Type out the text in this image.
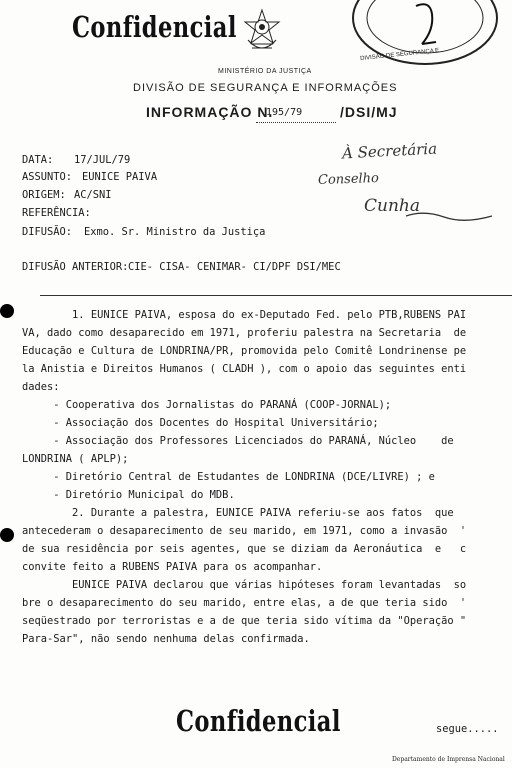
Confidencial
DIVISÃO DE SEGURANÇA E
MINISTÉRIO DA JUSTIÇA
DIVISÃO DE SEGURANÇA E INFORMAÇÕES
INFORMAÇÃO N.
195/79	/DSI/MJ
DATA: 17/JUL/79
ASSUNTO: EUNICE PAIVA
ORIGEM: AC/SNI
REFERÊNCIA:
DIFUSÃO: Exmo. Sr. Ministro da Justiça
DIFUSÃO ANTERIOR: CIE- CISA- CENIMAR- CI/DPF DSI/MEC
À Secretária
Conselho
Cunha
1. EUNICE PAIVA, esposa do ex-Deputado Fed. pelo PTB,RUBENS PAI
VA, dado como desaparecido em 1971, proferiu palestra na Secretaria  de
Educação e Cultura de LONDRINA/PR, promovida pelo Comitê Londrinense pe
la Anistia e Direitos Humanos ( CLADH ), com o apoio das seguintes enti
dades:
- Cooperativa dos Jornalistas do PARANÁ (COOP-JORNAL);
- Associação dos Docentes do Hospital Universitário;
- Associação dos Professores Licenciados do PARANÁ, Núcleo    de
LONDRINA ( APLP);
- Diretório Central de Estudantes de LONDRINA (DCE/LIVRE) ; e
- Diretório Municipal do MDB.
2. Durante a palestra, EUNICE PAIVA referiu-se aos fatos  que
antecederam o desaparecimento de seu marido, em 1971, como a invasão  '
de sua residência por seis agentes, que se diziam da Aeronáutica  e   c
convite feito a RUBENS PAIVA para os acompanhar.
EUNICE PAIVA declarou que várias hipóteses foram levantadas  so
bre o desaparecimento do seu marido, entre elas, a de que teria sido  '
seqüestrado por terroristas e a de que teria sido vítima da "Operação "
Para-Sar", não sendo nenhuma delas confirmada.
Confidencial	segue.....
Departamento de Imprensa Nacional
